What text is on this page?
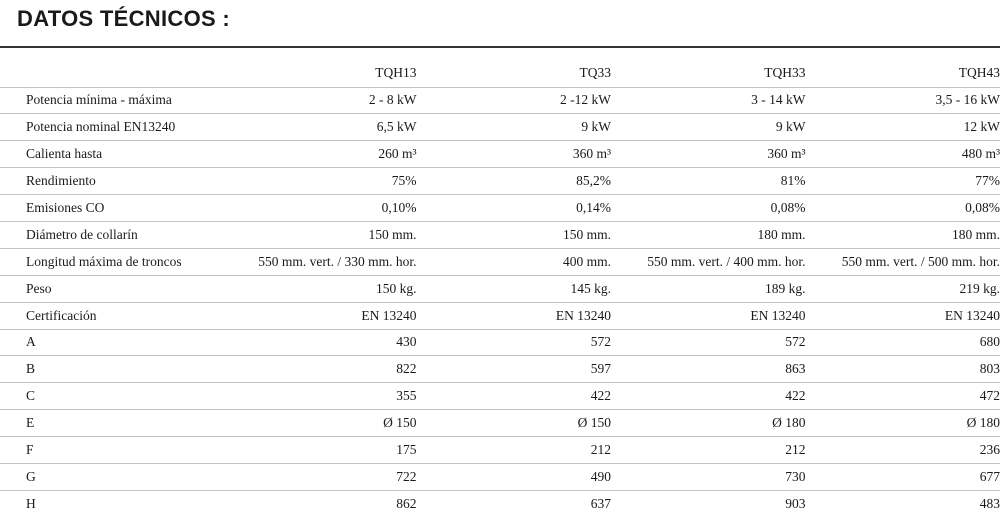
DATOS TÉCNICOS :
	TQH13	TQ33	TQH33	TQH43
Potencia mínima - máxima	2 - 8 kW	2 -12 kW	3 - 14 kW	3,5 - 16 kW
Potencia nominal EN13240	6,5 kW	9 kW	9 kW	12 kW
Calienta hasta	260 m³	360 m³	360 m³	480 m³
Rendimiento	75%	85,2%	81%	77%
Emisiones CO	0,10%	0,14%	0,08%	0,08%
Diámetro de collarín	150 mm.	150 mm.	180 mm.	180 mm.
Longitud máxima de troncos	550 mm. vert. / 330 mm. hor.	400 mm.	550 mm. vert. / 400 mm. hor.	550 mm. vert. / 500 mm. hor.
Peso	150 kg.	145 kg.	189 kg.	219 kg.
Certificación	EN 13240	EN 13240	EN 13240	EN 13240
A	430	572	572	680
B	822	597	863	803
C	355	422	422	472
E	Ø 150	Ø 150	Ø 180	Ø 180
F	175	212	212	236
G	722	490	730	677
H	862	637	903	483
